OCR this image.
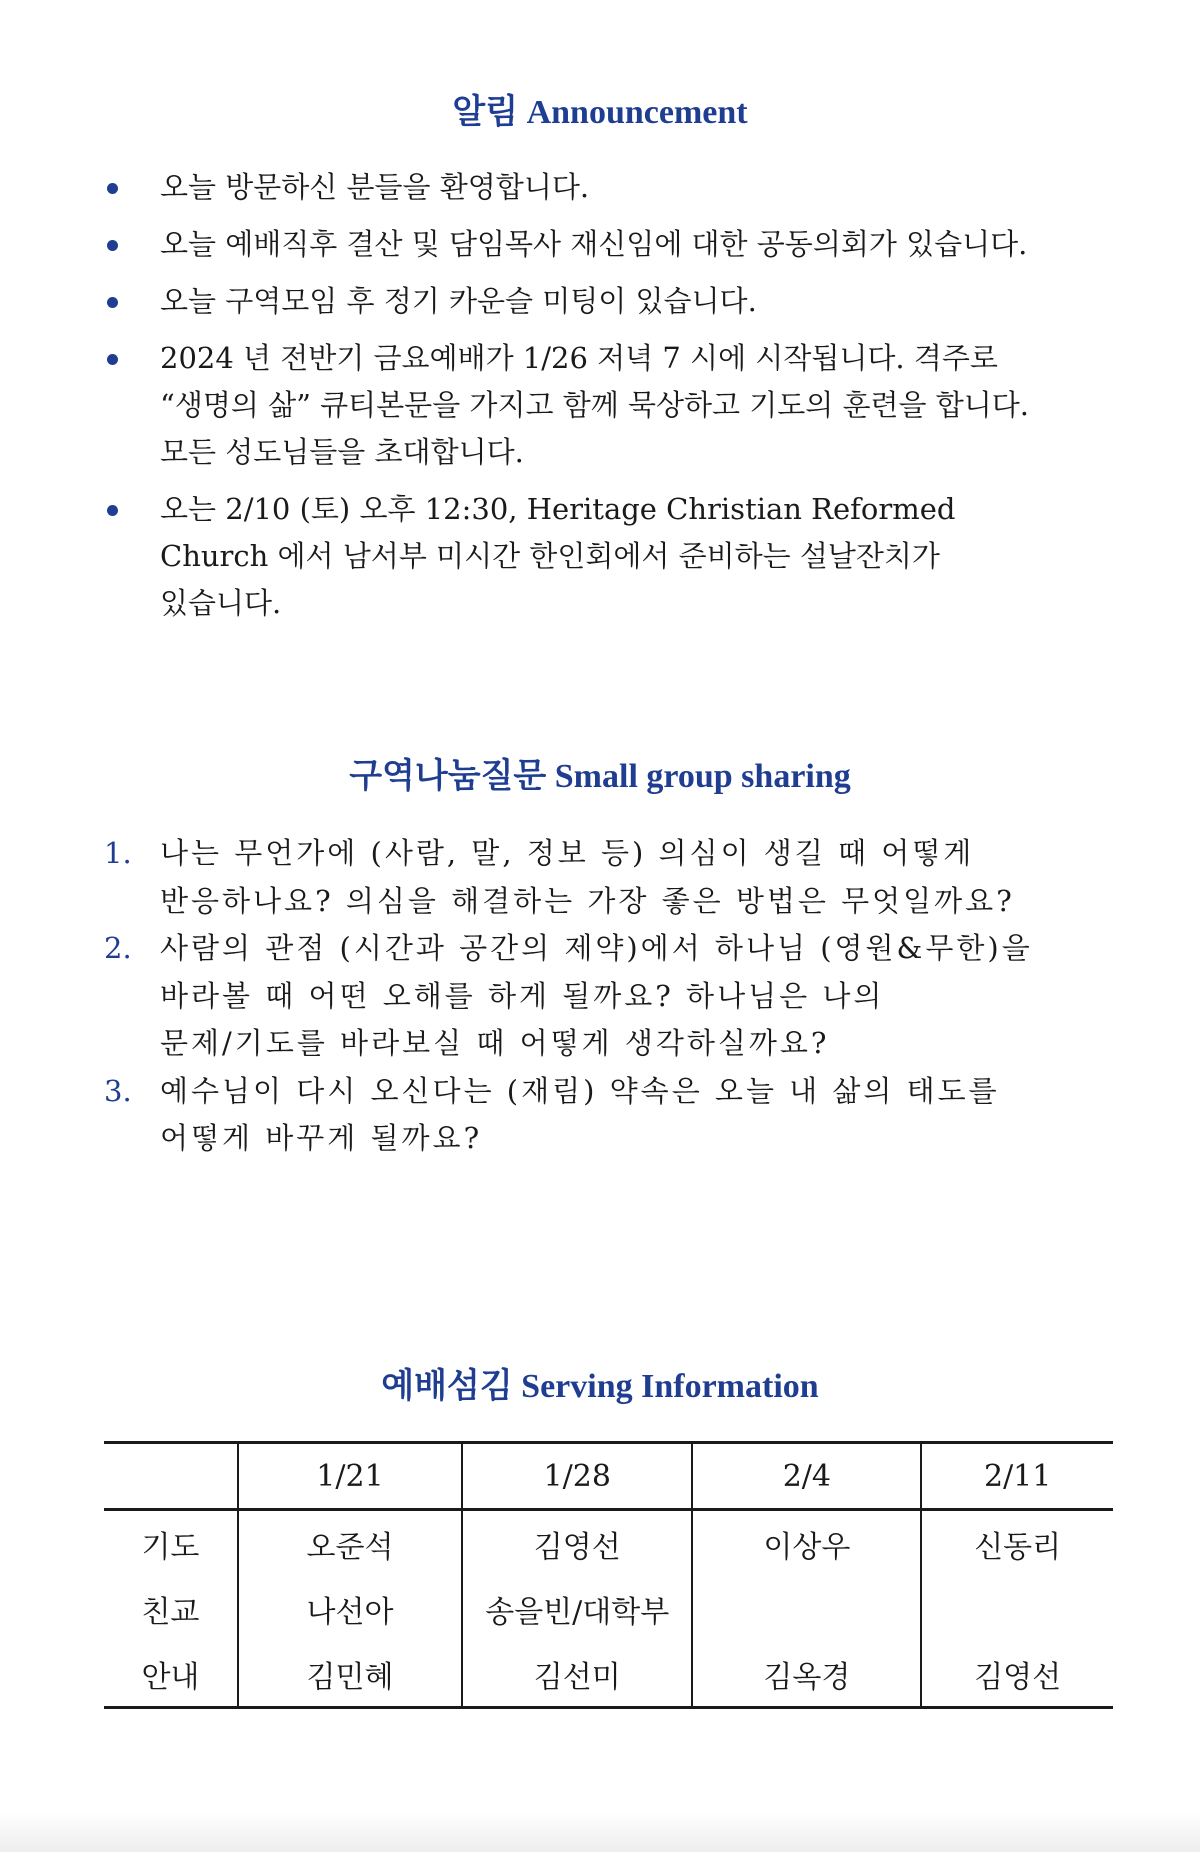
알림 Announcement
오늘 방문하신 분들을 환영합니다.
오늘 예배직후 결산 및 담임목사 재신임에 대한 공동의회가 있습니다.
오늘 구역모임 후 정기 카운슬 미팅이 있습니다.
2024 년 전반기 금요예배가 1/26 저녁 7 시에 시작됩니다. 격주로
“생명의 삶” 큐티본문을 가지고 함께 묵상하고 기도의 훈련을 합니다.
모든 성도님들을 초대합니다.
오는 2/10 (토) 오후 12:30, Heritage Christian Reformed
Church 에서 남서부 미시간 한인회에서 준비하는 설날잔치가
있습니다.
구역나눔질문 Small group sharing
1. 나는 무언가에 (사람, 말, 정보 등) 의심이 생길 때 어떻게
반응하나요? 의심을 해결하는 가장 좋은 방법은 무엇일까요?
2. 사람의 관점 (시간과 공간의 제약)에서 하나님 (영원&무한)을
바라볼 때 어떤 오해를 하게 될까요? 하나님은 나의
문제/기도를 바라보실 때 어떻게 생각하실까요?
3. 예수님이 다시 오신다는 (재림) 약속은 오늘 내 삶의 태도를
어떻게 바꾸게 될까요?
예배섬김 Serving Information
	1/21	1/28	2/4	2/11
기도	오준석	김영선	이상우	신동리
친교	나선아	송을빈/대학부		
안내	김민혜	김선미	김옥경	김영선
